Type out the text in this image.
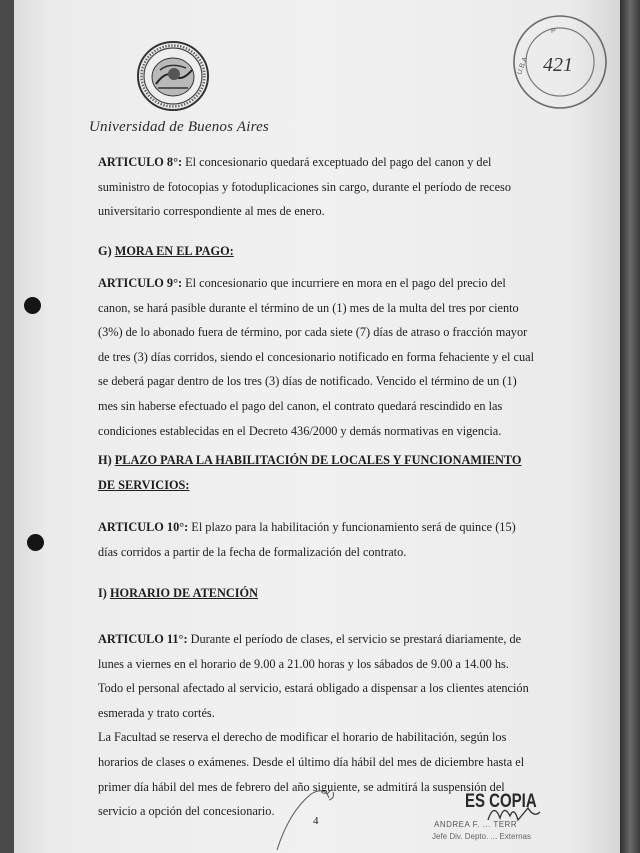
Universidad de Buenos Aires
P
U.B.A 421
ARTICULO 8°: El concesionario quedará exceptuado del pago del canon y del
suministro de fotocopias y fotoduplicaciones sin cargo, durante el período de receso
universitario correspondiente al mes de enero.
G) MORA EN EL PAGO:
ARTICULO 9°: El concesionario que incurriere en mora en el pago del precio del
canon, se hará pasible durante el término de un (1) mes de la multa del tres por ciento
(3%) de lo abonado fuera de término, por cada siete (7) días de atraso o fracción mayor
de tres (3) días corridos, siendo el concesionario notificado en forma fehaciente y el cual
se deberá pagar dentro de los tres (3) días de notificado. Vencido el término de un (1)
mes sin haberse efectuado el pago del canon, el contrato quedará rescindido en las
condiciones establecidas en el Decreto 436/2000 y demás normativas en vigencia.
H) PLAZO PARA LA HABILITACIÓN DE LOCALES Y FUNCIONAMIENTO
DE SERVICIOS:
ARTICULO 10°: El plazo para la habilitación y funcionamiento será de quince (15)
días corridos a partir de la fecha de formalización del contrato.
I) HORARIO DE ATENCIÓN
ARTICULO 11°: Durante el período de clases, el servicio se prestará diariamente, de
lunes a viernes en el horario de 9.00 a 21.00 horas y los sábados de 9.00 a 14.00 hs.
Todo el personal afectado al servicio, estará obligado a dispensar a los clientes atención
esmerada y trato cortés.
La Facultad se reserva el derecho de modificar el horario de habilitación, según los
horarios de clases o exámenes. Desde el último día hábil del mes de diciembre hasta el
primer día hábil del mes de febrero del año siguiente, se admitirá la suspensión del
servicio a opción del concesionario.
4
ES COPIA
ANDREA F. ... TERR
Jefe Div. Depto. ... Externas
